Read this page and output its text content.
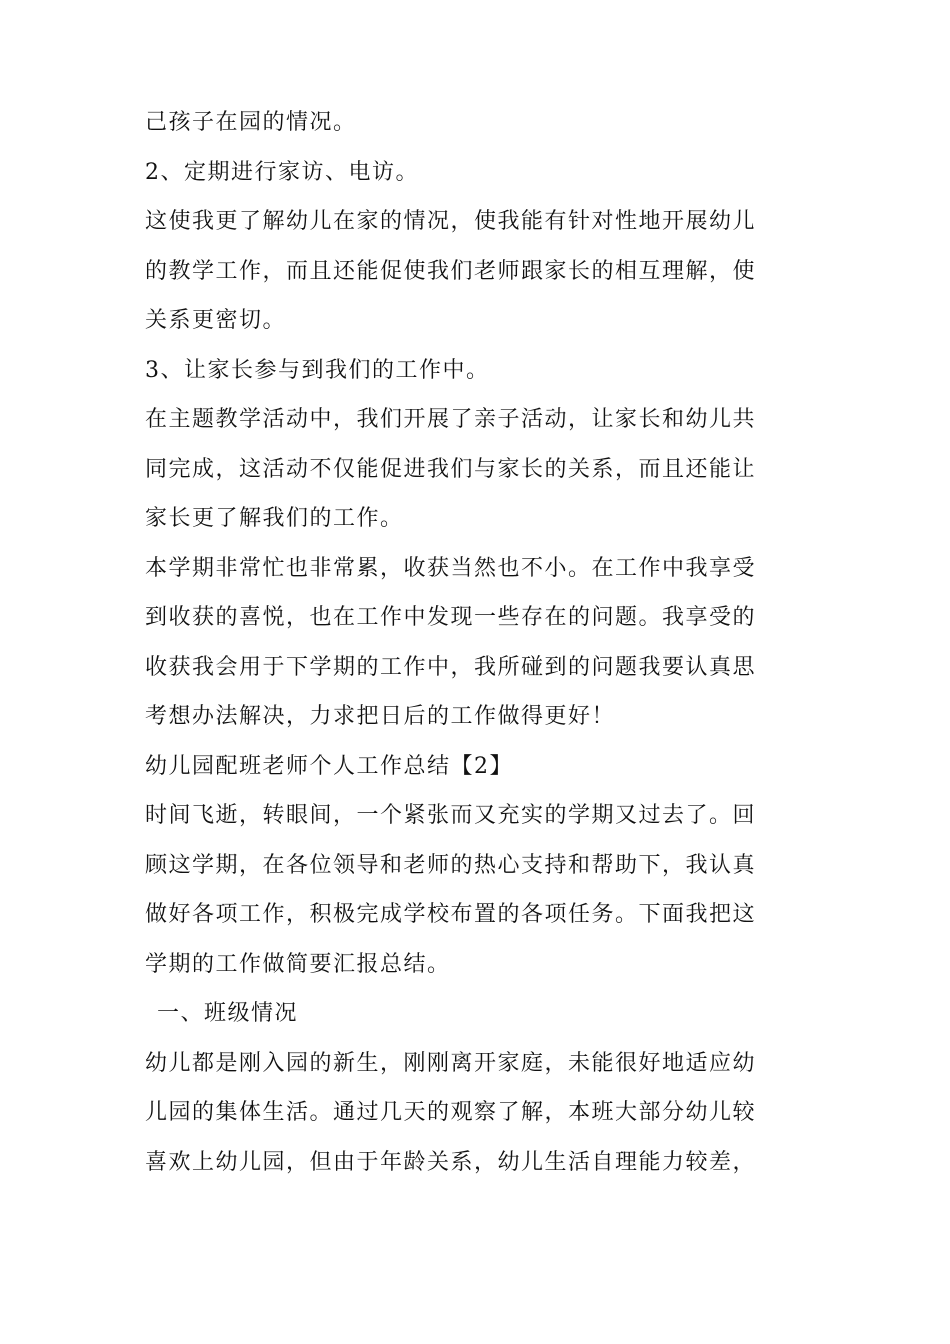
己孩子在园的情况。
2、定期进行家访、电访。
这使我更了解幼儿在家的情况，使我能有针对性地开展幼儿
的教学工作，而且还能促使我们老师跟家长的相互理解，使
关系更密切。
3、让家长参与到我们的工作中。
在主题教学活动中，我们开展了亲子活动，让家长和幼儿共
同完成，这活动不仅能促进我们与家长的关系，而且还能让
家长更了解我们的工作。
本学期非常忙也非常累，收获当然也不小。在工作中我享受
到收获的喜悦，也在工作中发现一些存在的问题。我享受的
收获我会用于下学期的工作中，我所碰到的问题我要认真思
考想办法解决，力求把日后的工作做得更好！
幼儿园配班老师个人工作总结【2】
时间飞逝，转眼间，一个紧张而又充实的学期又过去了。回
顾这学期，在各位领导和老师的热心支持和帮助下，我认真
做好各项工作，积极完成学校布置的各项任务。下面我把这
学期的工作做简要汇报总结。
一、班级情况
幼儿都是刚入园的新生，刚刚离开家庭，未能很好地适应幼
儿园的集体生活。通过几天的观察了解，本班大部分幼儿较
喜欢上幼儿园，但由于年龄关系，幼儿生活自理能力较差，
